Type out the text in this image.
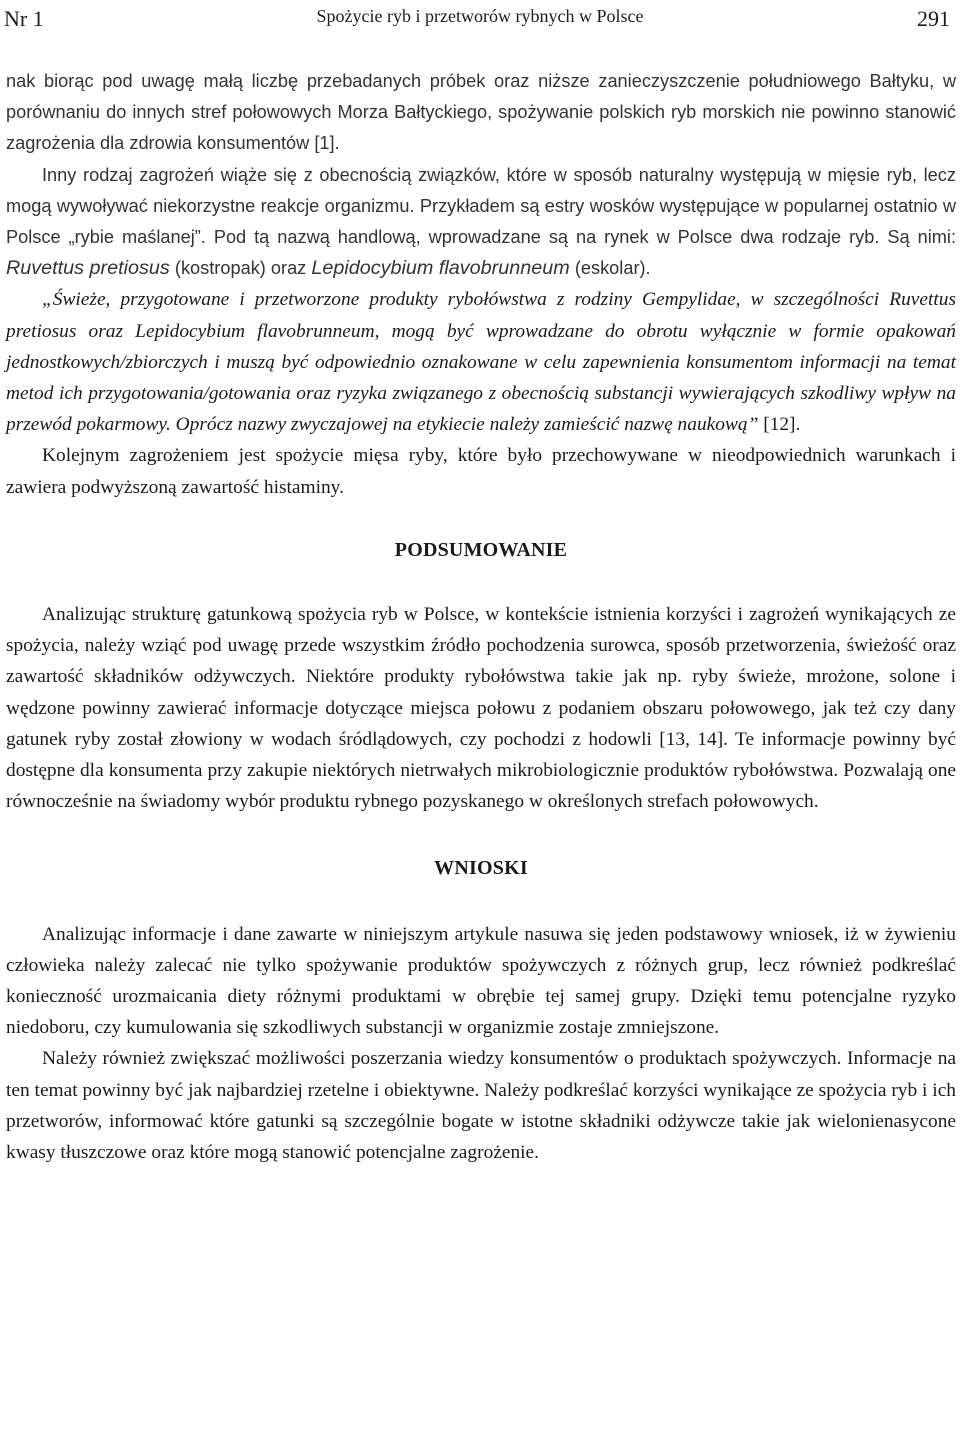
Nr 1	Spożycie ryb i przetworów rybnych w Polsce	291

nak biorąc pod uwagę małą liczbę przebadanych próbek oraz niższe zanieczyszczenie południowego Bałtyku, w porównaniu do innych stref połowowych Morza Bałtyckiego, spożywanie polskich ryb morskich nie powinno stanowić zagrożenia dla zdrowia konsumentów [1].

Inny rodzaj zagrożeń wiąże się z obecnością związków, które w sposób naturalny występują w mięsie ryb, lecz mogą wywoływać niekorzystne reakcje organizmu. Przykładem są estry wosków występujące w popularnej ostatnio w Polsce „rybie maślanej”. Pod tą nazwą handlową, wprowadzane są na rynek w Polsce dwa rodzaje ryb. Są nimi: Ruvettus pretiosus (kostropak) oraz Lepidocybium flavobrunneum (eskolar).

„Świeże, przygotowane i przetworzone produkty rybołówstwa z rodziny Gempylidae, w szczególności Ruvettus pretiosus oraz Lepidocybium flavobrunneum, mogą być wprowadzane do obrotu wyłącznie w formie opakowań jednostkowych/zbiorczych i muszą być odpowiednio oznakowane w celu zapewnienia konsumentom informacji na temat metod ich przygotowania/gotowania oraz ryzyka związanego z obecnością substancji wywierających szkodliwy wpływ na przewód pokarmowy. Oprócz nazwy zwyczajowej na etykiecie należy zamieścić nazwę naukową” [12].

Kolejnym zagrożeniem jest spożycie mięsa ryby, które było przechowywane w nieodpowiednich warunkach i zawiera podwyższoną zawartość histaminy.

PODSUMOWANIE

Analizując strukturę gatunkową spożycia ryb w Polsce, w kontekście istnienia korzyści i zagrożeń wynikających ze spożycia, należy wziąć pod uwagę przede wszystkim źródło pochodzenia surowca, sposób przetworzenia, świeżość oraz zawartość składników odżywczych. Niektóre produkty rybołówstwa takie jak np. ryby świeże, mrożone, solone i wędzone powinny zawierać informacje dotyczące miejsca połowu z podaniem obszaru połowowego, jak też czy dany gatunek ryby został złowiony w wodach śródlądowych, czy pochodzi z hodowli [13, 14]. Te informacje powinny być dostępne dla konsumenta przy zakupie niektórych nietrwałych mikrobiologicznie produktów rybołówstwa. Pozwalają one równocześnie na świadomy wybór produktu rybnego pozyskanego w określonych strefach połowowych.

WNIOSKI

Analizując informacje i dane zawarte w niniejszym artykule nasuwa się jeden podstawowy wniosek, iż w żywieniu człowieka należy zalecać nie tylko spożywanie produktów spożywczych z różnych grup, lecz również podkreślać konieczność urozmaicania diety różnymi produktami w obrębie tej samej grupy. Dzięki temu potencjalne ryzyko niedoboru, czy kumulowania się szkodliwych substancji w organizmie zostaje zmniejszone.

Należy również zwiększać możliwości poszerzania wiedzy konsumentów o produktach spożywczych. Informacje na ten temat powinny być jak najbardziej rzetelne i obiektywne. Należy podkreślać korzyści wynikające ze spożycia ryb i ich przetworów, informować które gatunki są szczególnie bogate w istotne składniki odżywcze takie jak wielonienasycone kwasy tłuszczowe oraz które mogą stanowić potencjalne zagrożenie.
